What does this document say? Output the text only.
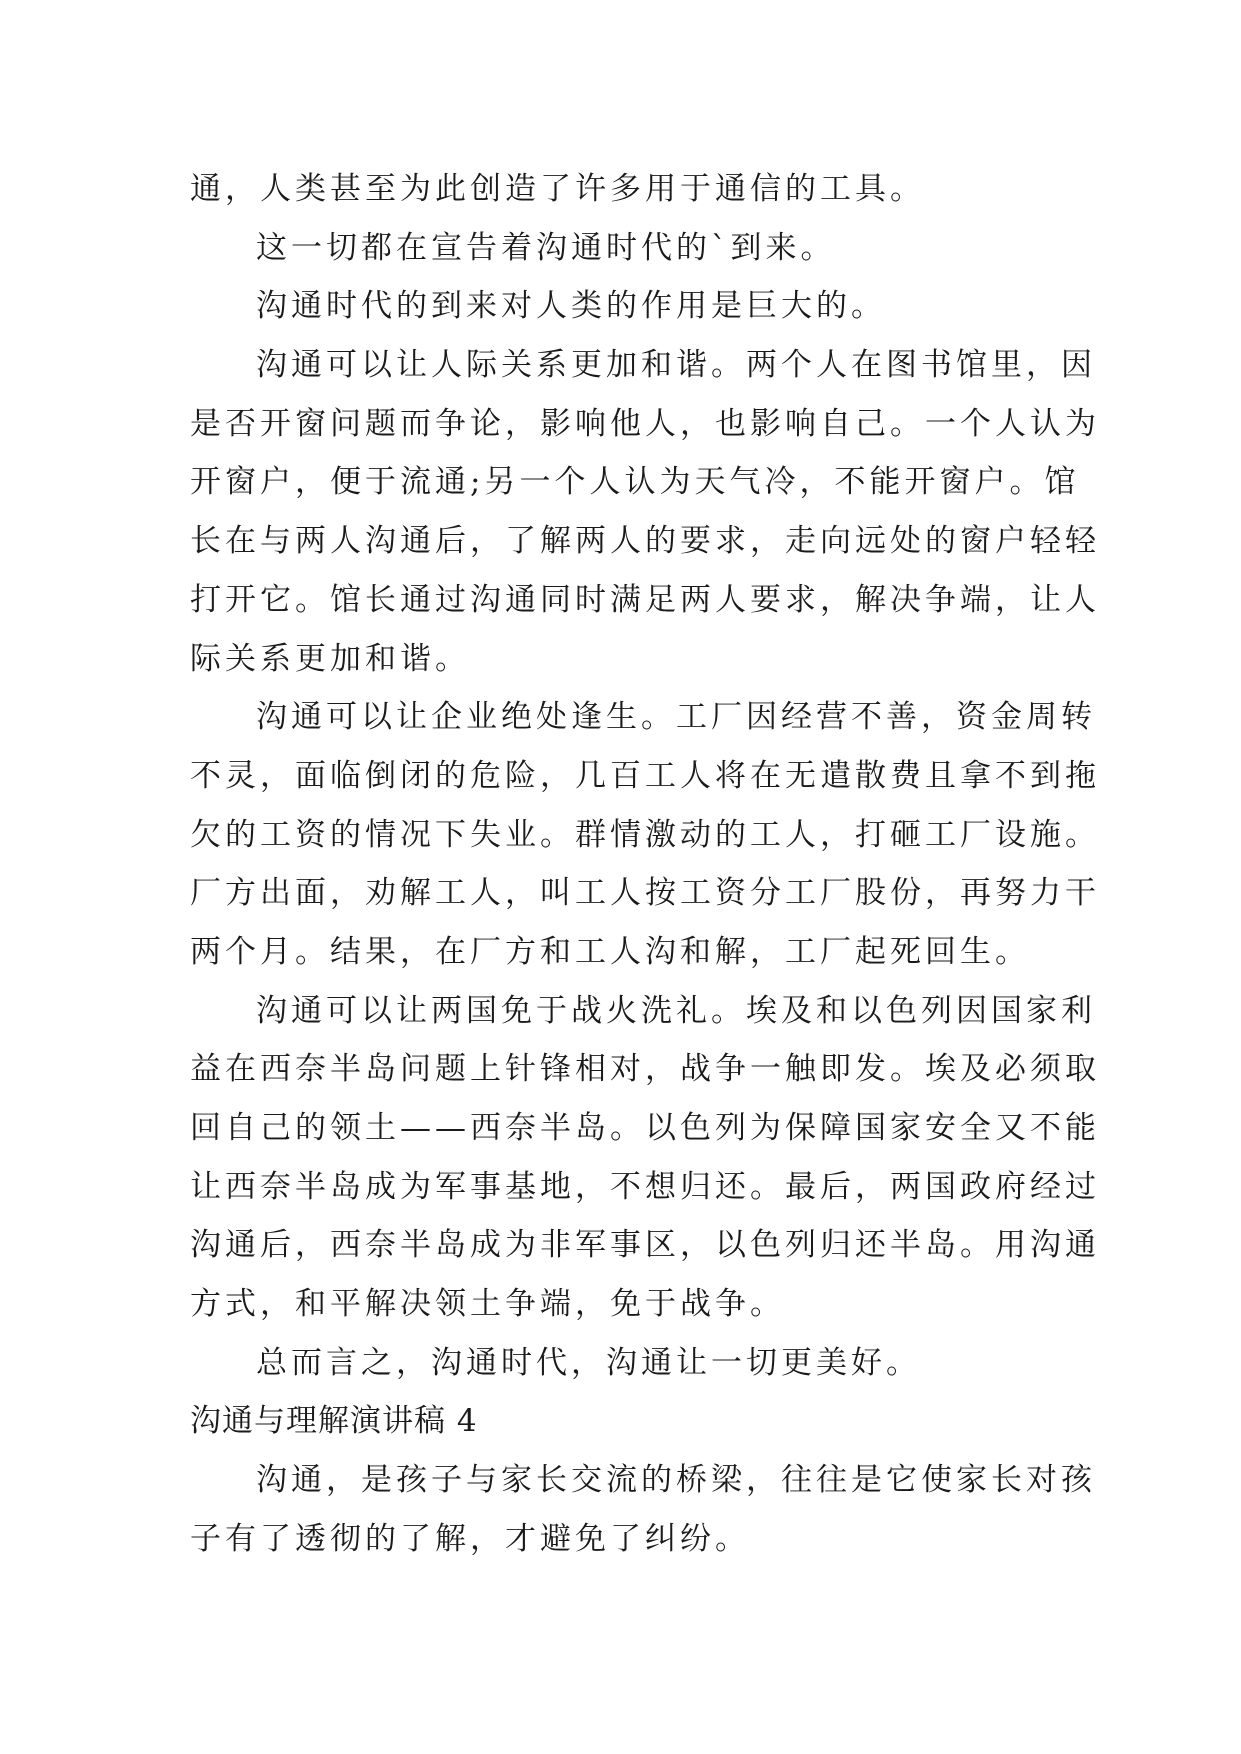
通，人类甚至为此创造了许多用于通信的工具。
这一切都在宣告着沟通时代的`到来。
沟通时代的到来对人类的作用是巨大的。
沟通可以让人际关系更加和谐。两个人在图书馆里，因
是否开窗问题而争论，影响他人，也影响自己。一个人认为
开窗户，便于流通;另一个人认为天气冷，不能开窗户。馆
长在与两人沟通后，了解两人的要求，走向远处的窗户轻轻
打开它。馆长通过沟通同时满足两人要求，解决争端，让人
际关系更加和谐。
沟通可以让企业绝处逢生。工厂因经营不善，资金周转
不灵，面临倒闭的危险，几百工人将在无遣散费且拿不到拖
欠的工资的情况下失业。群情激动的工人，打砸工厂设施。
厂方出面，劝解工人，叫工人按工资分工厂股份，再努力干
两个月。结果，在厂方和工人沟和解，工厂起死回生。
沟通可以让两国免于战火洗礼。埃及和以色列因国家利
益在西奈半岛问题上针锋相对，战争一触即发。埃及必须取
回自己的领土——西奈半岛。以色列为保障国家安全又不能
让西奈半岛成为军事基地，不想归还。最后，两国政府经过
沟通后，西奈半岛成为非军事区，以色列归还半岛。用沟通
方式，和平解决领土争端，免于战争。
总而言之，沟通时代，沟通让一切更美好。
沟通与理解演讲稿 4
沟通，是孩子与家长交流的桥梁，往往是它使家长对孩
子有了透彻的了解，才避免了纠纷。
